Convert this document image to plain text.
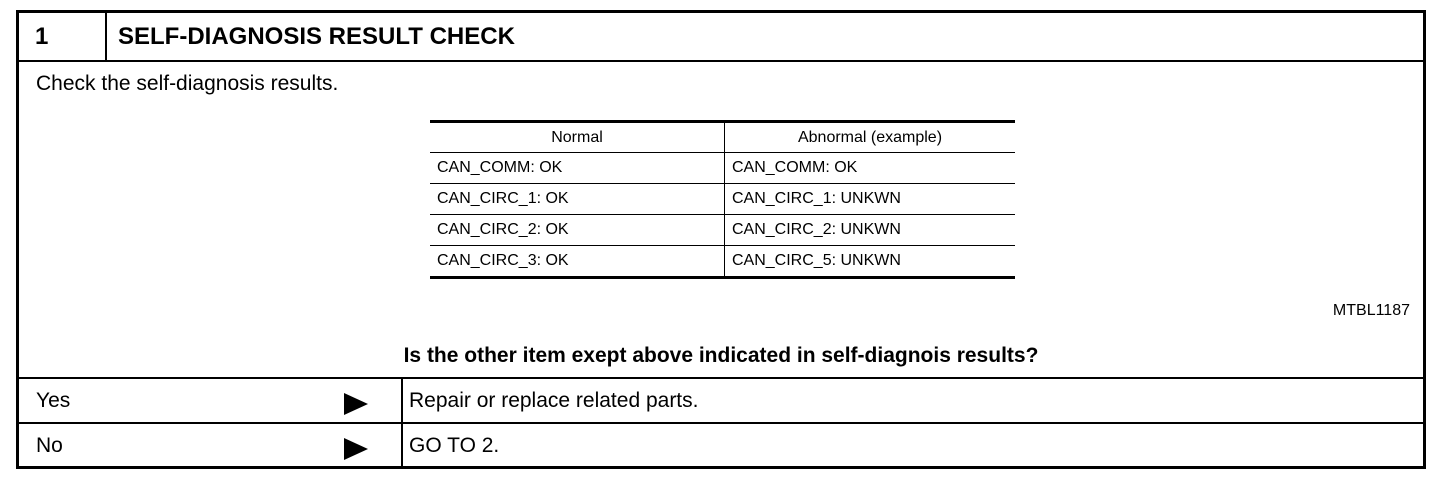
1	SELF-DIAGNOSIS RESULT CHECK
Check the self-diagnosis results.
Normal	Abnormal (example)
CAN_COMM: OK	CAN_COMM: OK
CAN_CIRC_1: OK	CAN_CIRC_1: UNKWN
CAN_CIRC_2: OK	CAN_CIRC_2: UNKWN
CAN_CIRC_3: OK	CAN_CIRC_5: UNKWN
MTBL1187
Is the other item exept above indicated in self-diagnois results?
Yes	Repair or replace related parts.
No	GO TO 2.
